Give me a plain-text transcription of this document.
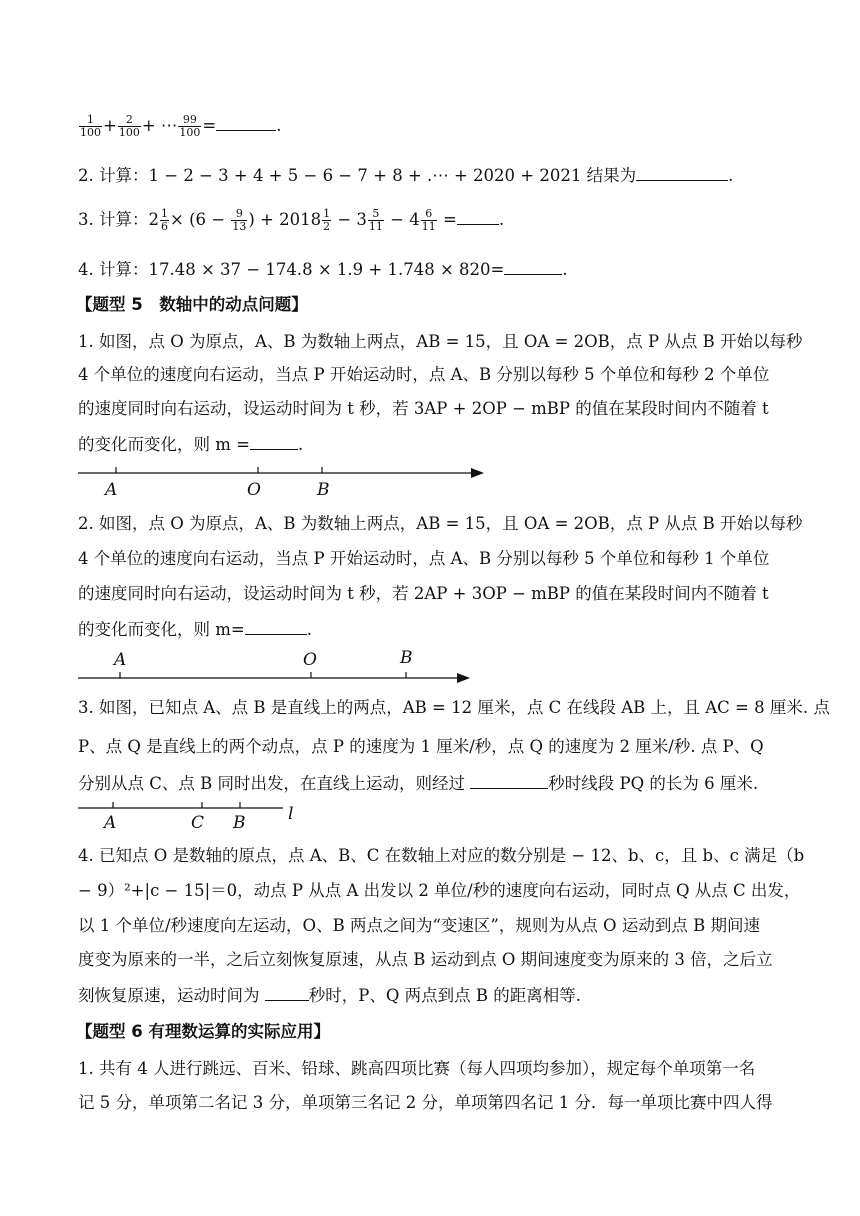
$\frac{1}{100} + \frac{2}{100}$ + ⋯ $\frac{99}{100}$ =	.
2. 计算：1 − 2 − 3 + 4 + 5 − 6 − 7 + 8 + .⋯ + 2020 + 2021 结果为	.
3. 计算：$2 \frac{1}{6} \times (6 - \frac{9}{13}$ ) + $2018 \frac{1}{2} - 3 \frac{5}{11} - 4 \frac{6}{11}$ =	.
4. 计算：17.48 × 37 − 174.8 × 1.9 + 1.748 × 820=	.
【题型 5　数轴中的动点问题】
1. 如图，点 O 为原点，A、B 为数轴上两点，AB = 15，且 OA = 2OB，点 P 从点 B 开始以每秒
4 个单位的速度向右运动，当点 P 开始运动时，点 A、B 分别以每秒 5 个单位和每秒 2 个单位
的速度同时向右运动，设运动时间为 t 秒，若 3AP + 2OP − mBP 的值在某段时间内不随着 t
的变化而变化，则 m =	.
A	O	B
A	O	B
A	C B	l
2. 如图，点 O 为原点，A、B 为数轴上两点，AB = 15，且 OA = 2OB，点 P 从点 B 开始以每秒
4 个单位的速度向右运动，当点 P 开始运动时，点 A、B 分别以每秒 5 个单位和每秒 1 个单位
的速度同时向右运动，设运动时间为 t 秒，若 2AP + 3OP − mBP 的值在某段时间内不随着 t
的变化而变化，则 m=	.
3. 如图，已知点 A、点 B 是直线上的两点，AB = 12 厘米，点 C 在线段 AB 上，且 AC = 8 厘米. 点
P、点 Q 是直线上的两个动点，点 P 的速度为 1 厘米/秒，点 Q 的速度为 2 厘米/秒. 点 P、Q
分别从点 C、点 B 同时出发，在直线上运动，则经过	秒时线段 PQ 的长为 6 厘米.
4. 已知点 O 是数轴的原点，点 A、B、C 在数轴上对应的数分别是 − 12、b、c，且 b、c 满足（b
− 9）²+|c − 15|＝0，动点 P 从点 A 出发以 2 单位/秒的速度向右运动，同时点 Q 从点 C 出发，
以 1 个单位/秒速度向左运动，O、B 两点之间为“变速区”，规则为从点 O 运动到点 B 期间速
度变为原来的一半，之后立刻恢复原速，从点 B 运动到点 O 期间速度变为原来的 3 倍，之后立
刻恢复原速，运动时间为	秒时，P、Q 两点到点 B 的距离相等.
【题型 6 有理数运算的实际应用】
1. 共有 4 人进行跳远、百米、铅球、跳高四项比赛（每人四项均参加），规定每个单项第一名
记 5 分，单项第二名记 3 分，单项第三名记 2 分，单项第四名记 1 分．每一单项比赛中四人得
